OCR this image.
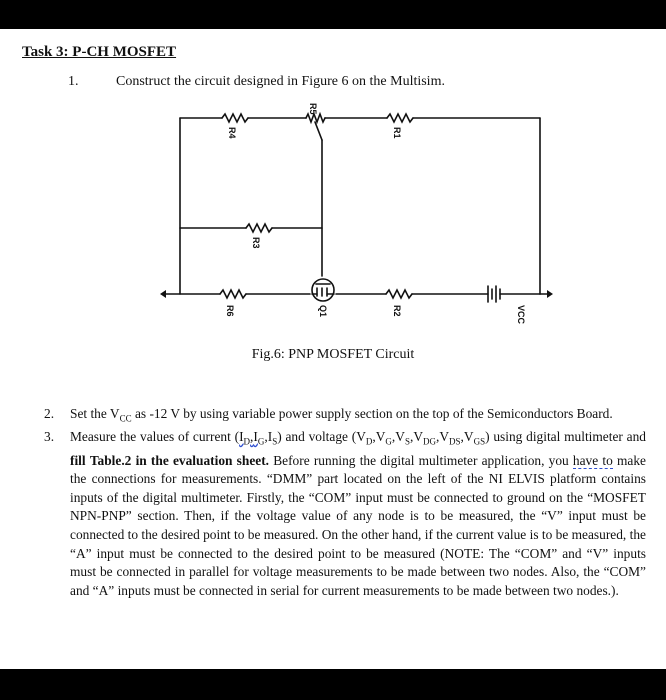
Task 3: P-CH MOSFET
1.	Construct the circuit designed in Figure 6 on the Multisim.
R5
R4	R1
R3
R6	R2
Q1	VCC
Fig.6: PNP MOSFET Circuit
2. Set the $V_{CC}$ as -12 V by using variable power supply section on the top of the Semiconductors Board.
3. Measure the values of current $(I_D,I_G,I_S)$ and voltage $(V_D,V_G,V_S,V_{DG},V_{DS},V_{GS})$ using digital multimeter and fill Table.2 in the evaluation sheet. Before running the digital multimeter application, you have to make the connections for measurements. “DMM” part located on the left of the NI ELVIS platform contains inputs of the digital multimeter. Firstly, the “COM” input must be connected to ground on the “MOSFET NPN-PNP” section. Then, if the voltage value of any node is to be measured, the “V” input must be connected to the desired point to be measured. On the other hand, if the current value is to be measured, the “A” input must be connected to the desired point to be measured (NOTE: The “COM” and “V” inputs must be connected in parallel for voltage measurements to be made between two nodes. Also, the “COM” and “A” inputs must be connected in serial for current measurements to be made between two nodes.).
